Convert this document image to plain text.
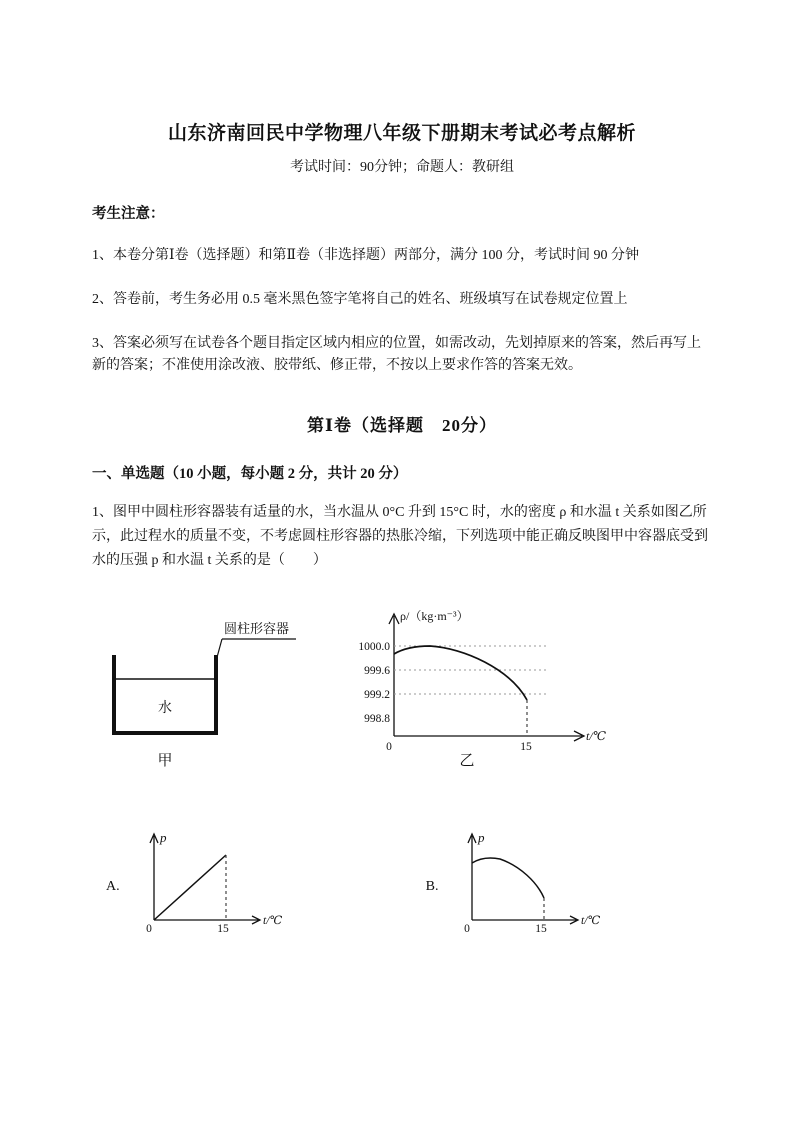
山东济南回民中学物理八年级下册期末考试必考点解析
考试时间：90分钟；命题人：教研组
考生注意：

1、本卷分第Ⅰ卷（选择题）和第Ⅱ卷（非选择题）两部分，满分 100 分，考试时间 90 分钟

2、答卷前，考生务必用 0.5 毫米黑色签字笔将自己的姓名、班级填写在试卷规定位置上

3、答案必须写在试卷各个题目指定区域内相应的位置，如需改动，先划掉原来的答案，然后再写上新的答案；不准使用涂改液、胶带纸、修正带，不按以上要求作答的答案无效。

第Ⅰ卷（选择题　20分）
一、单选题（10 小题，每小题 2 分，共计 20 分）

1、图甲中圆柱形容器装有适量的水，当水温从 0°C 升到 15°C 时，水的密度 ρ 和水温 t 关系如图乙所示，此过程水的质量不变，不考虑圆柱形容器的热胀冷缩，下列选项中能正确反映图甲中容器底受到水的压强 p 和水温 t 关系的是（　　）

圆柱形容器
水
甲
ρ/（kg·m⁻³）
t/℃
1000.0
999.6
999.2
998.8
0	15
乙
A.
p
t/℃
0	15
B.
p
t/℃
0	15
